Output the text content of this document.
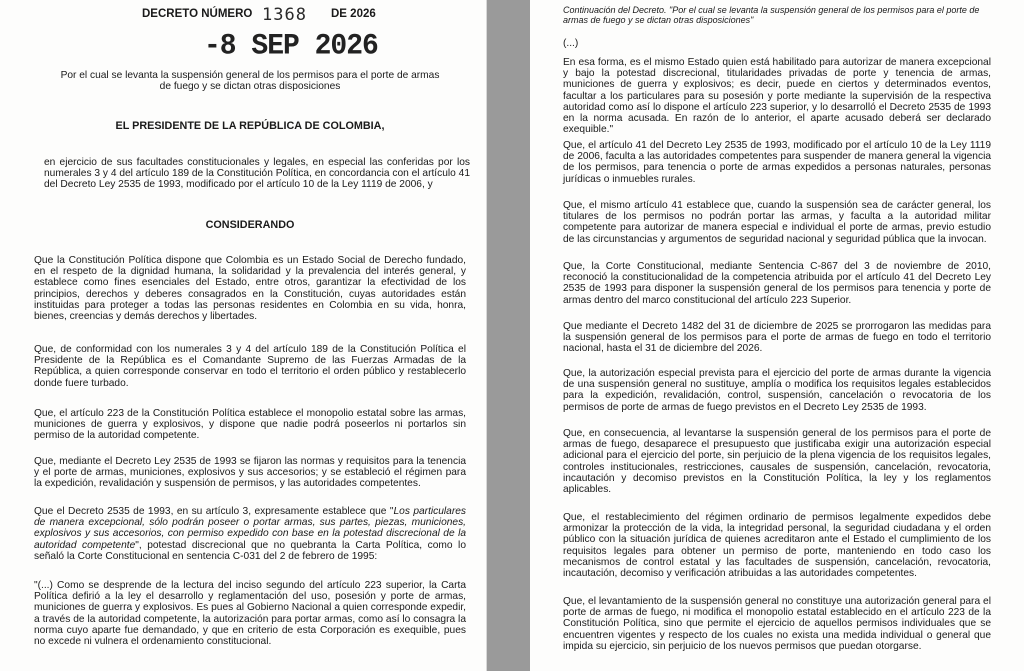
DECRETO NÚMERO 1368 DE 2026
-8 SEP 2026
Por el cual se levanta la suspensión general de los permisos para el porte de armas de fuego y se dictan otras disposiciones
EL PRESIDENTE DE LA REPÚBLICA DE COLOMBIA,
en ejercicio de sus facultades constitucionales y legales, en especial las conferidas por los numerales 3 y 4 del artículo 189 de la Constitución Política, en concordancia con el artículo 41 del Decreto Ley 2535 de 1993, modificado por el artículo 10 de la Ley 1119 de 2006, y
CONSIDERANDO
Que la Constitución Política dispone que Colombia es un Estado Social de Derecho fundado, en el respeto de la dignidad humana, la solidaridad y la prevalencia del interés general, y establece como fines esenciales del Estado, entre otros, garantizar la efectividad de los principios, derechos y deberes consagrados en la Constitución, cuyas autoridades están instituidas para proteger a todas las personas residentes en Colombia en su vida, honra, bienes, creencias y demás derechos y libertades.
Que, de conformidad con los numerales 3 y 4 del artículo 189 de la Constitución Política el Presidente de la República es el Comandante Supremo de las Fuerzas Armadas de la República, a quien corresponde conservar en todo el territorio el orden público y restablecerlo donde fuere turbado.
Que, el artículo 223 de la Constitución Política establece el monopolio estatal sobre las armas, municiones de guerra y explosivos, y dispone que nadie podrá poseerlos ni portarlos sin permiso de la autoridad competente.
Que, mediante el Decreto Ley 2535 de 1993 se fijaron las normas y requisitos para la tenencia y el porte de armas, municiones, explosivos y sus accesorios; y se estableció el régimen para la expedición, revalidación y suspensión de permisos, y las autoridades competentes.
Que el Decreto 2535 de 1993, en su artículo 3, expresamente establece que "Los particulares de manera excepcional, sólo podrán poseer o portar armas, sus partes, piezas, municiones, explosivos y sus accesorios, con permiso expedido con base en la potestad discrecional de la autoridad competente", potestad discrecional que no quebranta la Carta Política, como lo señaló la Corte Constitucional en sentencia C-031 del 2 de febrero de 1995:
"(...) Como se desprende de la lectura del inciso segundo del artículo 223 superior, la Carta Política defirió a la ley el desarrollo y reglamentación del uso, posesión y porte de armas, municiones de guerra y explosivos. Es pues al Gobierno Nacional a quien corresponde expedir, a través de la autoridad competente, la autorización para portar armas, como así lo consagra la norma cuyo aparte fue demandado, y que en criterio de esta Corporación es exequible, pues no excede ni vulnera el ordenamiento constitucional.
Continuación del Decreto. "Por el cual se levanta la suspensión general de los permisos para el porte de armas de fuego y se dictan otras disposiciones"
(...)
En esa forma, es el mismo Estado quien está habilitado para autorizar de manera excepcional y bajo la potestad discrecional, titularidades privadas de porte y tenencia de armas, municiones de guerra y explosivos; es decir, puede en ciertos y determinados eventos, facultar a los particulares para su posesión y porte mediante la supervisión de la respectiva autoridad como así lo dispone el artículo 223 superior, y lo desarrolló el Decreto 2535 de 1993 en la norma acusada. En razón de lo anterior, el aparte acusado deberá ser declarado exequible."
Que, el artículo 41 del Decreto Ley 2535 de 1993, modificado por el artículo 10 de la Ley 1119 de 2006, faculta a las autoridades competentes para suspender de manera general la vigencia de los permisos, para tenencia o porte de armas expedidos a personas naturales, personas jurídicas o inmuebles rurales.
Que, el mismo artículo 41 establece que, cuando la suspensión sea de carácter general, los titulares de los permisos no podrán portar las armas, y faculta a la autoridad militar competente para autorizar de manera especial e individual el porte de armas, previo estudio de las circunstancias y argumentos de seguridad nacional y seguridad pública que la invocan.
Que, la Corte Constitucional, mediante Sentencia C-867 del 3 de noviembre de 2010, reconoció la constitucionalidad de la competencia atribuida por el artículo 41 del Decreto Ley 2535 de 1993 para disponer la suspensión general de los permisos para tenencia y porte de armas dentro del marco constitucional del artículo 223 Superior.
Que mediante el Decreto 1482 del 31 de diciembre de 2025 se prorrogaron las medidas para la suspensión general de los permisos para el porte de armas de fuego en todo el territorio nacional, hasta el 31 de diciembre del 2026.
Que, la autorización especial prevista para el ejercicio del porte de armas durante la vigencia de una suspensión general no sustituye, amplía o modifica los requisitos legales establecidos para la expedición, revalidación, control, suspensión, cancelación o revocatoria de los permisos de porte de armas de fuego previstos en el Decreto Ley 2535 de 1993.
Que, en consecuencia, al levantarse la suspensión general de los permisos para el porte de armas de fuego, desaparece el presupuesto que justificaba exigir una autorización especial adicional para el ejercicio del porte, sin perjuicio de la plena vigencia de los requisitos legales, controles institucionales, restricciones, causales de suspensión, cancelación, revocatoria, incautación y decomiso previstos en la Constitución Política, la ley y los reglamentos aplicables.
Que, el restablecimiento del régimen ordinario de permisos legalmente expedidos debe armonizar la protección de la vida, la integridad personal, la seguridad ciudadana y el orden público con la situación jurídica de quienes acreditaron ante el Estado el cumplimiento de los requisitos legales para obtener un permiso de porte, manteniendo en todo caso los mecanismos de control estatal y las facultades de suspensión, cancelación, revocatoria, incautación, decomiso y verificación atribuidas a las autoridades competentes.
Que, el levantamiento de la suspensión general no constituye una autorización general para el porte de armas de fuego, ni modifica el monopolio estatal establecido en el artículo 223 de la Constitución Política, sino que permite el ejercicio de aquellos permisos individuales que se encuentren vigentes y respecto de los cuales no exista una medida individual o general que impida su ejercicio, sin perjuicio de los nuevos permisos que puedan otorgarse.
